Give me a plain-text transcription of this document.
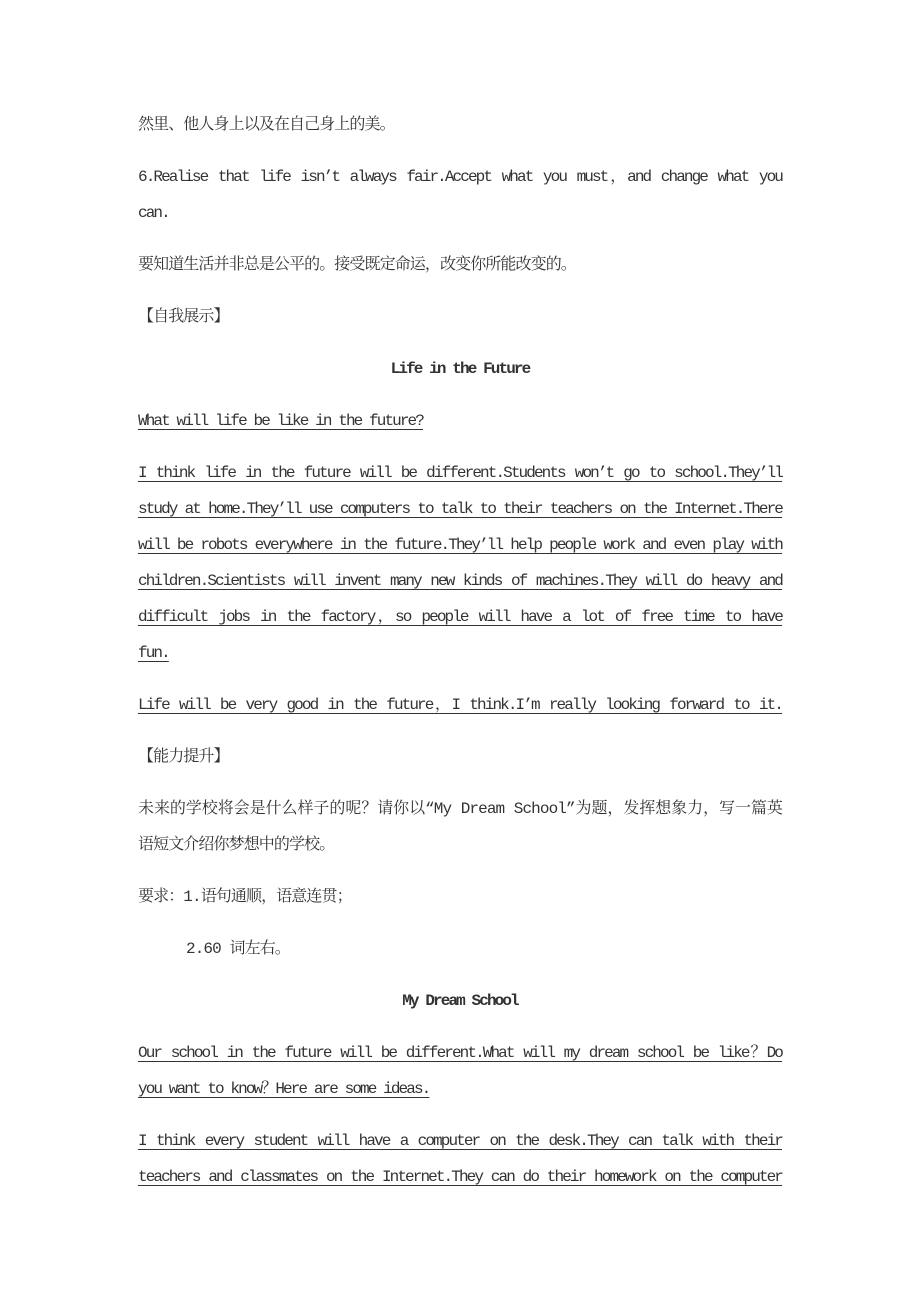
然里、他人身上以及在自己身上的美。
6.Realise that life isn’t always fair.Accept what you must，and change what you
can.
要知道生活并非总是公平的。接受既定命运，改变你所能改变的。
【自我展示】
Life in the Future
What will life be like in the future?
I think life in the future will be different.Students won’t go to school.They’ll
study at home.They’ll use computers to talk to their teachers on the Internet.There
will be robots everywhere in the future.They’ll help people work and even play with
children.Scientists will invent many new kinds of machines.They will do heavy and
difficult jobs in the factory，so people will have a lot of free time to have
fun.
Life will be very good in the future，I think.I’m really looking forward to it.
【能力提升】
未来的学校将会是什么样子的呢？请你以“My Dream School”为题，发挥想象力，写一篇英
语短文介绍你梦想中的学校。
要求：1.语句通顺，语意连贯；
2.60 词左右。
My Dream School
Our school in the future will be different.What will my dream school be like？Do
you want to know？Here are some ideas.
I think every student will have a computer on the desk.They can talk with their
teachers and classmates on the Internet.They can do their homework on the computer
